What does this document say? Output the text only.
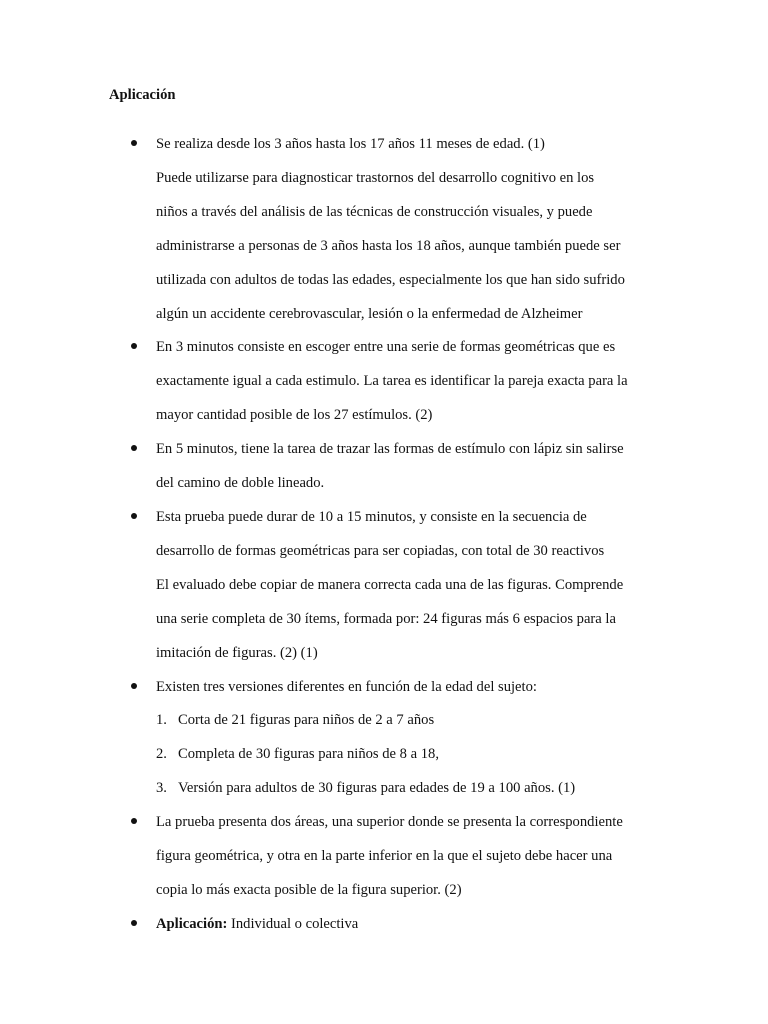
Aplicación
Se realiza desde los 3 años hasta los 17 años 11 meses de edad. (1)
Puede utilizarse para diagnosticar trastornos del desarrollo cognitivo en los
niños a través del análisis de las técnicas de construcción visuales, y puede
administrarse a personas de 3 años hasta los 18 años, aunque también puede ser
utilizada con adultos de todas las edades, especialmente los que han sido sufrido
algún un accidente cerebrovascular, lesión o la enfermedad de Alzheimer
En 3 minutos consiste en escoger entre una serie de formas geométricas que es
exactamente igual a cada estimulo. La tarea es identificar la pareja exacta para la
mayor cantidad posible de los 27 estímulos. (2)
En 5 minutos, tiene la tarea de trazar las formas de estímulo con lápiz sin salirse
del camino de doble lineado.
Esta prueba puede durar de 10 a 15 minutos, y consiste en la secuencia de
desarrollo de formas geométricas para ser copiadas, con total de 30 reactivos
El evaluado debe copiar de manera correcta cada una de las figuras. Comprende
una serie completa de 30 ítems, formada por: 24 figuras más 6 espacios para la
imitación de figuras. (2) (1)
Existen tres versiones diferentes en función de la edad del sujeto:
1. Corta de 21 figuras para niños de 2 a 7 años
2. Completa de 30 figuras para niños de 8 a 18,
3. Versión para adultos de 30 figuras para edades de 19 a 100 años. (1)
La prueba presenta dos áreas, una superior donde se presenta la correspondiente
figura geométrica, y otra en la parte inferior en la que el sujeto debe hacer una
copia lo más exacta posible de la figura superior. (2)
Aplicación: Individual o colectiva
